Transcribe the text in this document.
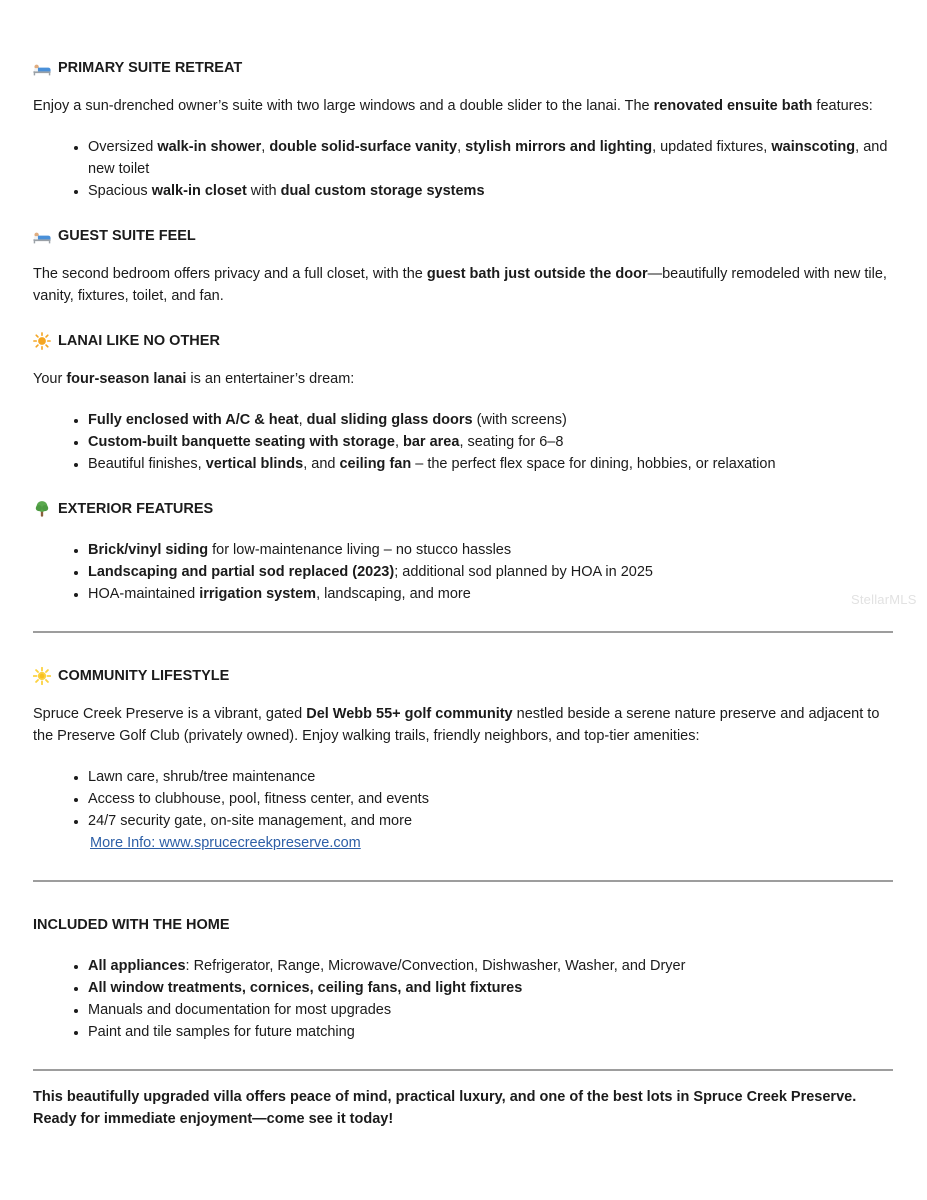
StellarMLS
PRIMARY SUITE RETREAT

Enjoy a sun-drenched owner’s suite with two large windows and a double slider to the lanai. The renovated ensuite bath features:

• Oversized walk-in shower, double solid-surface vanity, stylish mirrors and lighting, updated fixtures, wainscoting, and new toilet
• Spacious walk-in closet with dual custom storage systems
GUEST SUITE FEEL

The second bedroom offers privacy and a full closet, with the guest bath just outside the door—beautifully remodeled with new tile, vanity, fixtures, toilet, and fan.

LANAI LIKE NO OTHER

Your four-season lanai is an entertainer’s dream:

• Fully enclosed with A/C & heat, dual sliding glass doors (with screens)
• Custom-built banquette seating with storage, bar area, seating for 6–8
• Beautiful finishes, vertical blinds, and ceiling fan – the perfect flex space for dining, hobbies, or relaxation
EXTERIOR FEATURES
• Brick/vinyl siding for low-maintenance living – no stucco hassles
• Landscaping and partial sod replaced (2023); additional sod planned by HOA in 2025
• HOA-maintained irrigation system, landscaping, and more
COMMUNITY LIFESTYLE

Spruce Creek Preserve is a vibrant, gated Del Webb 55+ golf community nestled beside a serene nature preserve and adjacent to the Preserve Golf Club (privately owned). Enjoy walking trails, friendly neighbors, and top-tier amenities:

• Lawn care, shrub/tree maintenance
• Access to clubhouse, pool, fitness center, and events
• 24/7 security gate, on-site management, and more
More Info: www.sprucecreekpreserve.com
INCLUDED WITH THE HOME
• All appliances: Refrigerator, Range, Microwave/Convection, Dishwasher, Washer, and Dryer
• All window treatments, cornices, ceiling fans, and light fixtures
• Manuals and documentation for most upgrades
• Paint and tile samples for future matching

This beautifully upgraded villa offers peace of mind, practical luxury, and one of the best lots in Spruce Creek Preserve. Ready for immediate enjoyment—come see it today!
